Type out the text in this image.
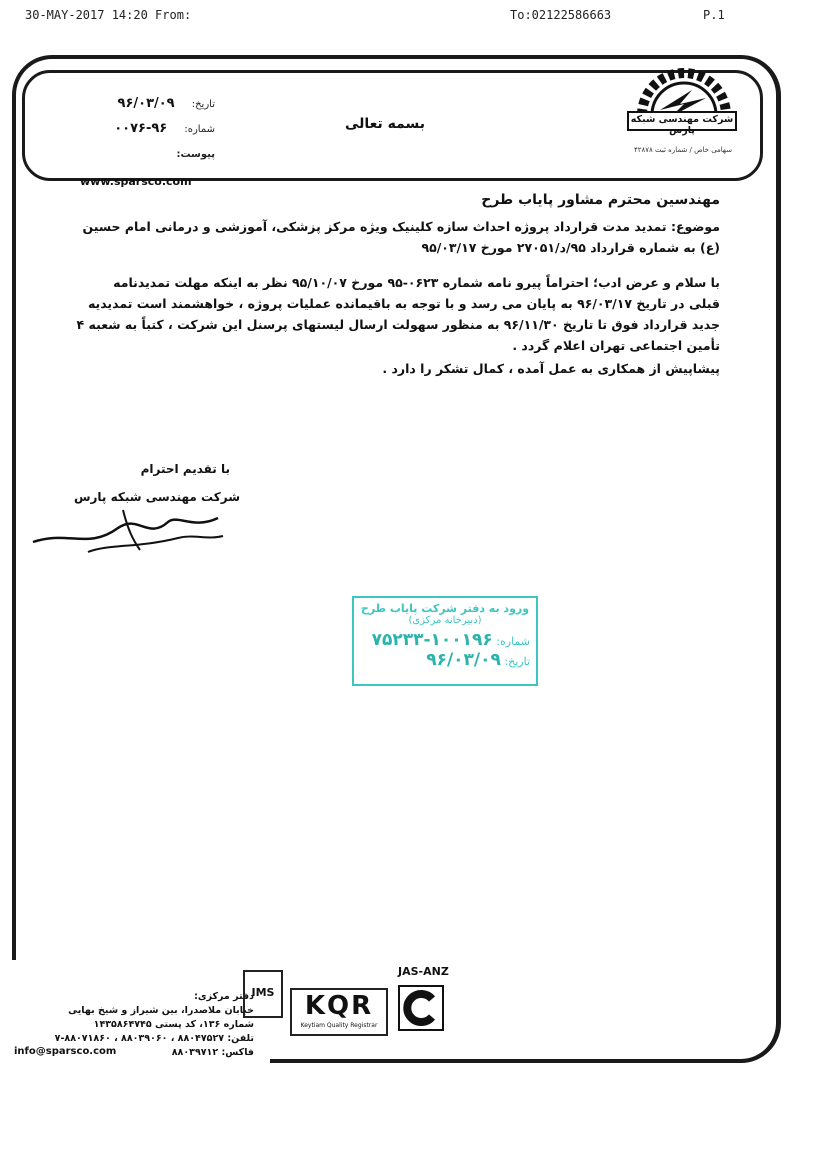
30-MAY-2017 14:20 From:	To:02122586663	P.1
تاریخ: ۹۶/۰۳/۰۹
شماره: ۹۶-۰۰۷۶
پیوست:
بسمه تعالی	شرکت مهندسی شبکه پارس
سهامی خاص / شماره ثبت ۴۲۸۷۸
www.sparsco.com
مهندسین محترم مشاور پایاب طرح

موضوع: تمدید مدت قرارداد پروژه احداث سازه کلینیک ویژه مرکز پزشکی، آموزشی و درمانی امام حسین

(ع) به شماره قرارداد ۹۵/د/۲۷۰۵۱ مورخ ۹۵/۰۳/۱۷

با سلام و عرض ادب؛ احتراماً پیرو نامه شماره ۰۶۲۳-۹۵ مورخ ۹۵/۱۰/۰۷ نظر به اینکه مهلت تمدیدنامه

قبلی در تاریخ ۹۶/۰۳/۱۷ به پایان می رسد و با توجه به باقیمانده عملیات پروژه ، خواهشمند است تمدیدیه

جدید قرارداد فوق تا تاریخ ۹۶/۱۱/۳۰ به منظور سهولت ارسال لیستهای پرسنل این شرکت ، کتباً به شعبه ۴

تأمین اجتماعی تهران اعلام گردد .

پیشاپیش از همکاری به عمل آمده ، کمال تشکر را دارد .

با تقدیم احترام
شرکت مهندسی شبکه پارس
ورود به دفتر شرکت پایاب طرح
(دبیرخانه مرکزی)
شماره: ۱۰۰۱۹۶-۷۵۲۳۳
تاریخ: ۹۶/۰۳/۰۹
دفتر مرکزی:
خیابان ملاصدرا، بین شیراز و شیخ بهایی
شماره ۱۳۶، کد پستی ۱۴۳۵۸۶۴۷۴۵
تلفن: ۸۸۰۴۷۵۲۷ ، ۸۸۰۳۹۰۶۰ ، ۸۸۰۷۱۸۶۰-۷
فاکس: ۸۸۰۳۹۷۱۲
info@sparsco.com
IMS	KQR
Keytiam Quality Registrar
JAS-ANZ
